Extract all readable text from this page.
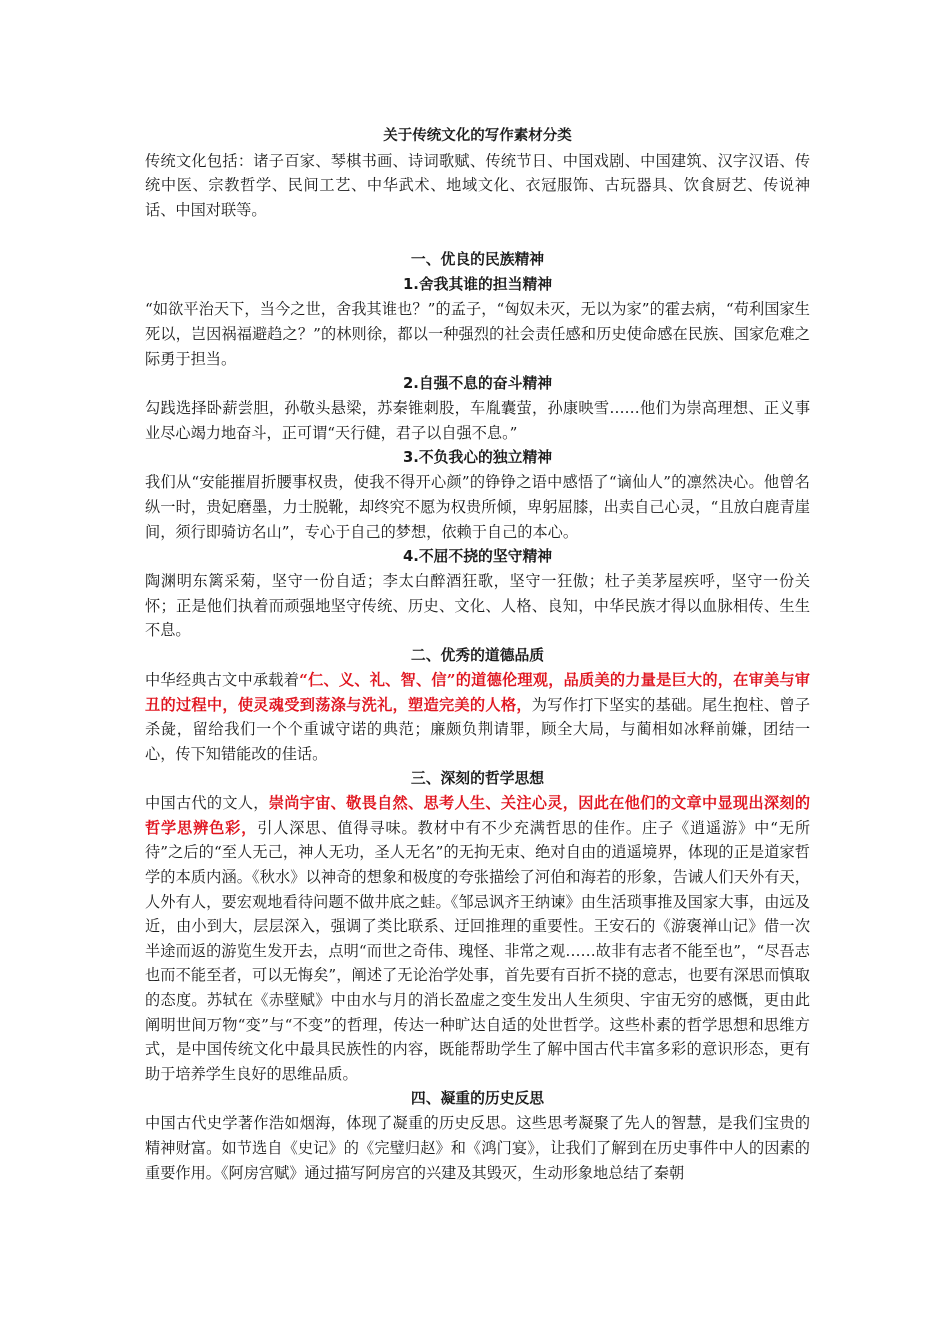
关于传统文化的写作素材分类

传统文化包括：诸子百家、琴棋书画、诗词歌赋、传统节日、中国戏剧、中国建筑、汉字汉语、传统中医、宗教哲学、民间工艺、中华武术、地域文化、衣冠服饰、古玩器具、饮食厨艺、传说神话、中国对联等。

一、优良的民族精神
1.舍我其谁的担当精神

“如欲平治天下，当今之世，舍我其谁也？”的孟子，“匈奴未灭，无以为家”的霍去病，“苟利国家生死以，岂因祸福避趋之？”的林则徐，都以一种强烈的社会责任感和历史使命感在民族、国家危难之际勇于担当。

2.自强不息的奋斗精神

勾践选择卧薪尝胆，孙敬头悬梁，苏秦锥刺股，车胤囊萤，孙康映雪……他们为崇高理想、正义事业尽心竭力地奋斗，正可谓“天行健，君子以自强不息。”

3.不负我心的独立精神

我们从“安能摧眉折腰事权贵，使我不得开心颜”的铮铮之语中感悟了“谪仙人”的凛然决心。他曾名纵一时，贵妃磨墨，力士脱靴，却终究不愿为权贵所倾，卑躬屈膝，出卖自己心灵，“且放白鹿青崖间，须行即骑访名山”，专心于自己的梦想，依赖于自己的本心。

4.不屈不挠的坚守精神

陶渊明东篱采菊，坚守一份自适；李太白醉酒狂歌，坚守一狂傲；杜子美茅屋疾呼，坚守一份关怀；正是他们执着而顽强地坚守传统、历史、文化、人格、良知，中华民族才得以血脉相传、生生不息。

二、优秀的道德品质

中华经典古文中承载着“仁、义、礼、智、信”的道德伦理观，品质美的力量是巨大的，在审美与审丑的过程中，使灵魂受到荡涤与洗礼，塑造完美的人格，为写作打下坚实的基础。尾生抱柱、曾子杀彘，留给我们一个个重诚守诺的典范；廉颇负荆请罪，顾全大局，与蔺相如冰释前嫌，团结一心，传下知错能改的佳话。

三、深刻的哲学思想

中国古代的文人，崇尚宇宙、敬畏自然、思考人生、关注心灵，因此在他们的文章中显现出深刻的哲学思辨色彩，引人深思、值得寻味。教材中有不少充满哲思的佳作。庄子《逍遥游》中“无所待”之后的“至人无己，神人无功，圣人无名”的无拘无束、绝对自由的逍遥境界，体现的正是道家哲学的本质内涵。《秋水》以神奇的想象和极度的夸张描绘了河伯和海若的形象，告诫人们天外有天，人外有人，要宏观地看待问题不做井底之蛙。《邹忌讽齐王纳谏》由生活琐事推及国家大事，由远及近，由小到大，层层深入，强调了类比联系、迂回推理的重要性。王安石的《游褒禅山记》借一次半途而返的游览生发开去，点明“而世之奇伟、瑰怪、非常之观……故非有志者不能至也”，“尽吾志也而不能至者，可以无悔矣”，阐述了无论治学处事，首先要有百折不挠的意志，也要有深思而慎取的态度。苏轼在《赤壁赋》中由水与月的消长盈虚之变生发出人生须臾、宇宙无穷的感慨，更由此阐明世间万物“变”与“不变”的哲理，传达一种旷达自适的处世哲学。这些朴素的哲学思想和思维方式，是中国传统文化中最具民族性的内容，既能帮助学生了解中国古代丰富多彩的意识形态，更有助于培养学生良好的思维品质。

四、凝重的历史反思

中国古代史学著作浩如烟海，体现了凝重的历史反思。这些思考凝聚了先人的智慧，是我们宝贵的精神财富。如节选自《史记》的《完璧归赵》和《鸿门宴》，让我们了解到在历史事件中人的因素的重要作用。《阿房宫赋》通过描写阿房宫的兴建及其毁灭，生动形象地总结了秦朝
